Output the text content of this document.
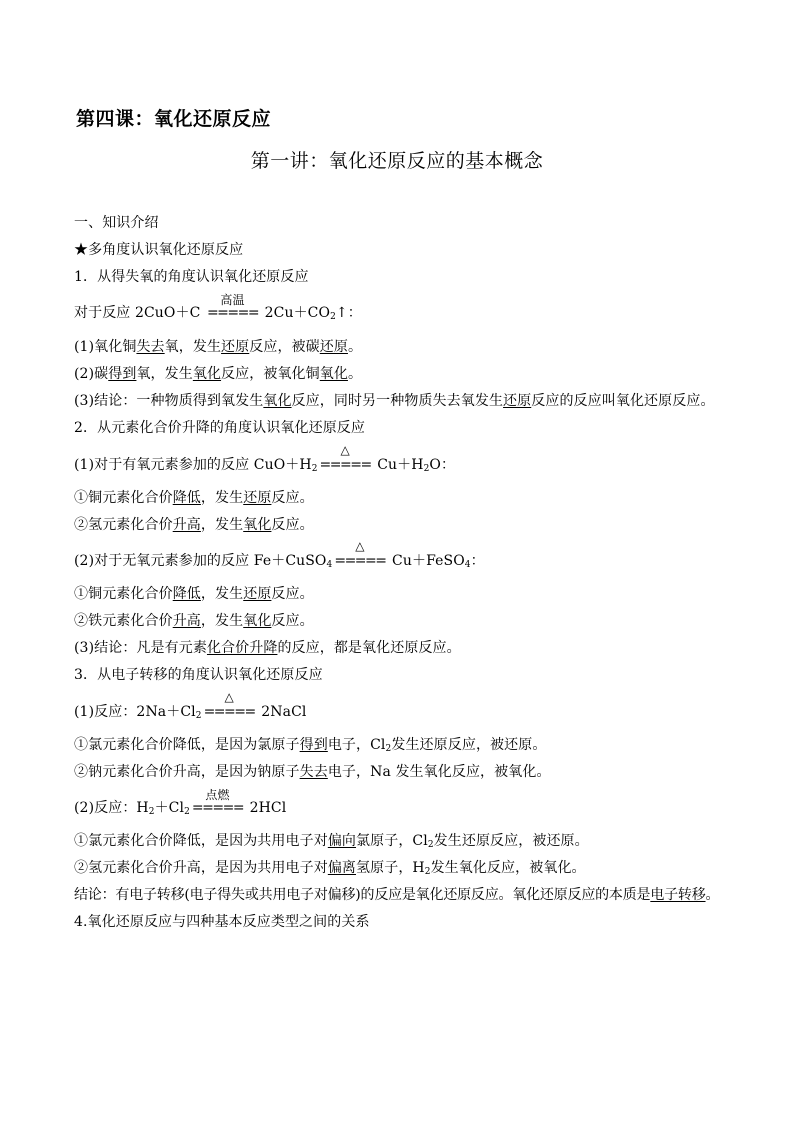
第四课：氧化还原反应
第一讲：氧化还原反应的基本概念
一、知识介绍
★多角度认识氧化还原反应
1．从得失氧的角度认识氧化还原反应
对于反应 2CuO＋C
高温
===== $2Cu+CO_2↑$：
(1)氧化铜失去氧，发生还原反应，被碳还原。
(2)碳得到氧，发生氧化反应，被氧化铜氧化。
(3)结论：一种物质得到氧发生氧化反应，同时另一种物质失去氧发生还原反应的反应叫氧化还原反应。
2．从元素化合价升降的角度认识氧化还原反应
(1)对于有氧元素参加的反应 $CuO+H_2$
△
===== $Cu+H_2O$：
①铜元素化合价降低，发生还原反应。
②氢元素化合价升高，发生氧化反应。
(2)对于无氧元素参加的反应 Fe＋CuSO$_4$
△
===== Cu＋FeSO$_4$：
①铜元素化合价降低，发生还原反应。
②铁元素化合价升高，发生氧化反应。
(3)结论：凡是有元素化合价升降的反应，都是氧化还原反应。
3．从电子转移的角度认识氧化还原反应
(1)反应：$2Na+Cl_2$
△
===== 2NaCl
①氯元素化合价降低，是因为氯原子得到电子，$Cl_2$发生还原反应，被还原。
②钠元素化合价升高，是因为钠原子失去电子，Na 发生氧化反应，被氧化。
(2)反应：$H_2+Cl_2$
点燃
===== 2HCl
①氯元素化合价降低，是因为共用电子对偏向氯原子，$Cl_2$发生还原反应，被还原。
②氢元素化合价升高，是因为共用电子对偏离氢原子，$H_2$发生氧化反应，被氧化。
结论：有电子转移(电子得失或共用电子对偏移)的反应是氧化还原反应。氧化还原反应的本质是电子转移。
4.氧化还原反应与四种基本反应类型之间的关系
